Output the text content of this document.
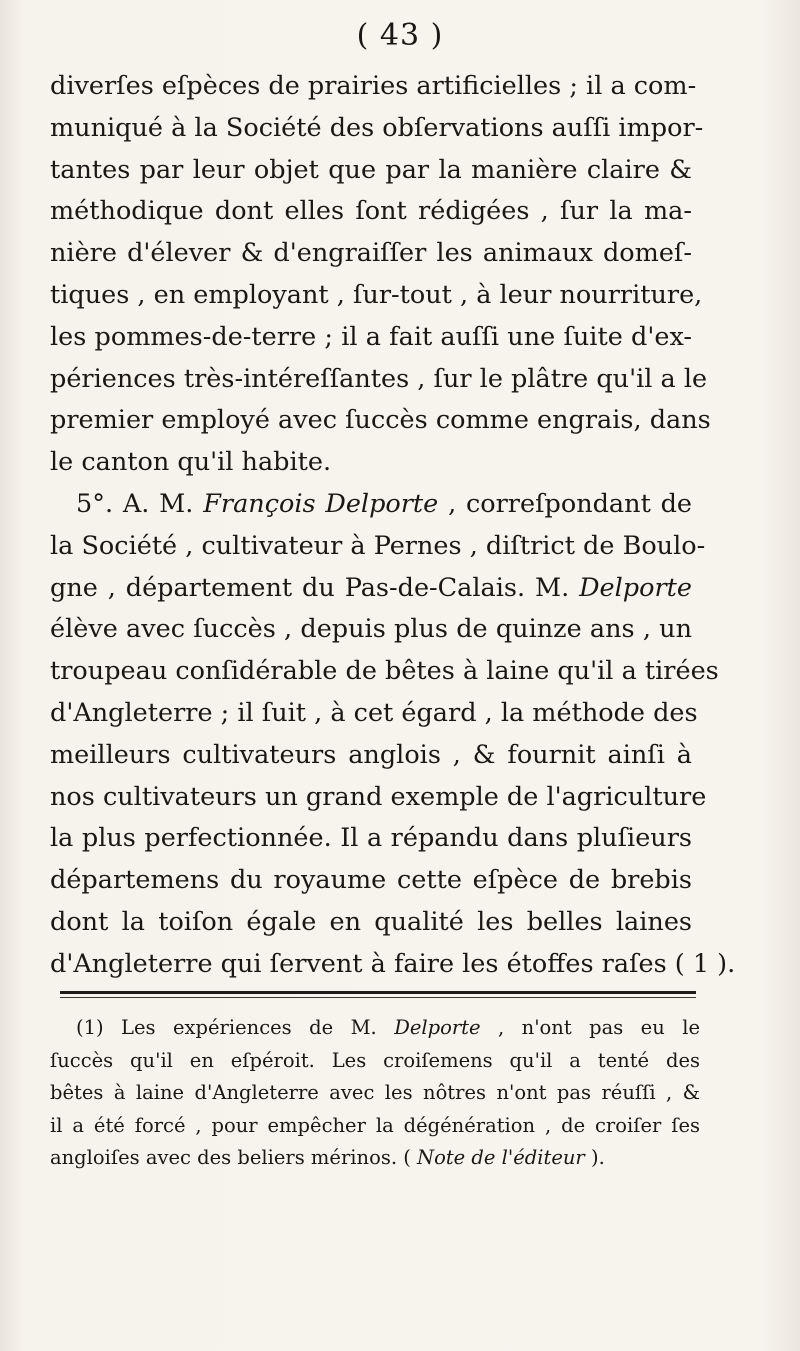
( 43 )
diverſes eſpèces de prairies artificielles ; il a com-
muniqué à la Société des obſervations auſſi impor-
tantes par leur objet que par la manière claire &
méthodique dont elles ſont rédigées , ſur la ma-
nière d'élever & d'engraiſſer les animaux domeſ-
tiques , en employant , ſur-tout , à leur nourriture,
les pommes-de-terre ; il a fait auſſi une ſuite d'ex-
périences très-intéreſſantes , ſur le plâtre qu'il a le
premier employé avec ſuccès comme engrais, dans
le canton qu'il habite.
5°. A. M. François Delporte , correſpondant de
la Société , cultivateur à Pernes , diſtrict de Boulo-
gne , département du Pas-de-Calais. M. Delporte
élève avec ſuccès , depuis plus de quinze ans , un
troupeau conſidérable de bêtes à laine qu'il a tirées
d'Angleterre ; il ſuit , à cet égard , la méthode des
meilleurs cultivateurs anglois , & fournit ainſi à
nos cultivateurs un grand exemple de l'agriculture
la plus perfectionnée. Il a répandu dans pluſieurs
départemens du royaume cette eſpèce de brebis
dont la toiſon égale en qualité les belles laines
d'Angleterre qui ſervent à faire les étoffes raſes ( 1 ).
(1) Les expériences de M. Delporte , n'ont pas eu le
ſuccès qu'il en eſpéroit. Les croiſemens qu'il a tenté des
bêtes à laine d'Angleterre avec les nôtres n'ont pas réuſſi , &
il a été forcé , pour empêcher la dégénération , de croiſer ſes
angloiſes avec des beliers mérinos. ( Note de l'éditeur ).
